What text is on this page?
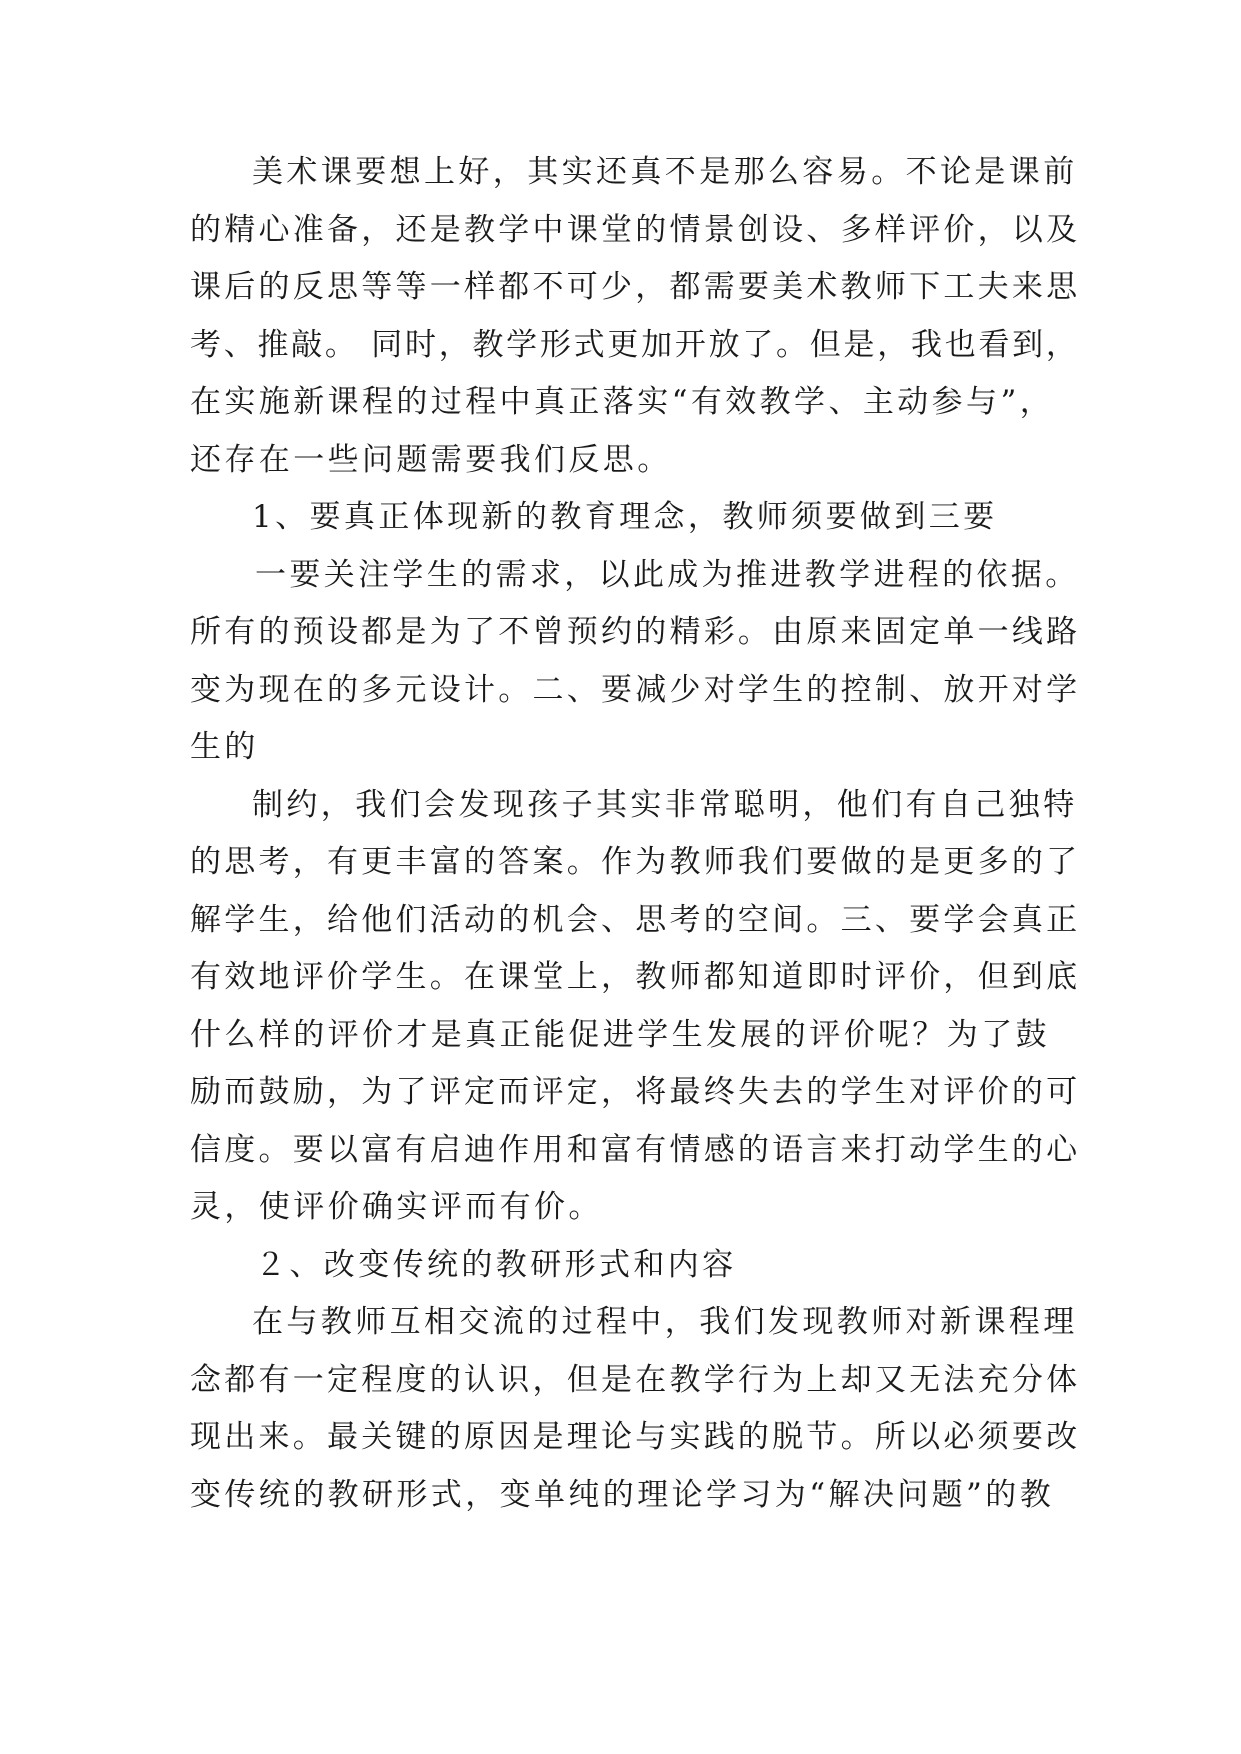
美术课要想上好，其实还真不是那么容易。不论是课前
的精心准备，还是教学中课堂的情景创设、多样评价，以及
课后的反思等等一样都不可少，都需要美术教师下工夫来思
考、推敲。 同时，教学形式更加开放了。但是，我也看到，
在实施新课程的过程中真正落实“有效教学、主动参与”，
还存在一些问题需要我们反思。
1、要真正体现新的教育理念，教师须要做到三要
一要关注学生的需求，以此成为推进教学进程的依据。
所有的预设都是为了不曾预约的精彩。由原来固定单一线路
变为现在的多元设计。二、要减少对学生的控制、放开对学
生的
制约，我们会发现孩子其实非常聪明，他们有自己独特
的思考，有更丰富的答案。作为教师我们要做的是更多的了
解学生，给他们活动的机会、思考的空间。三、要学会真正
有效地评价学生。在课堂上，教师都知道即时评价，但到底
什么样的评价才是真正能促进学生发展的评价呢？为了鼓
励而鼓励，为了评定而评定，将最终失去的学生对评价的可
信度。要以富有启迪作用和富有情感的语言来打动学生的心
灵，使评价确实评而有价。
２、改变传统的教研形式和内容
在与教师互相交流的过程中，我们发现教师对新课程理
念都有一定程度的认识，但是在教学行为上却又无法充分体
现出来。最关键的原因是理论与实践的脱节。所以必须要改
变传统的教研形式，变单纯的理论学习为“解决问题”的教
